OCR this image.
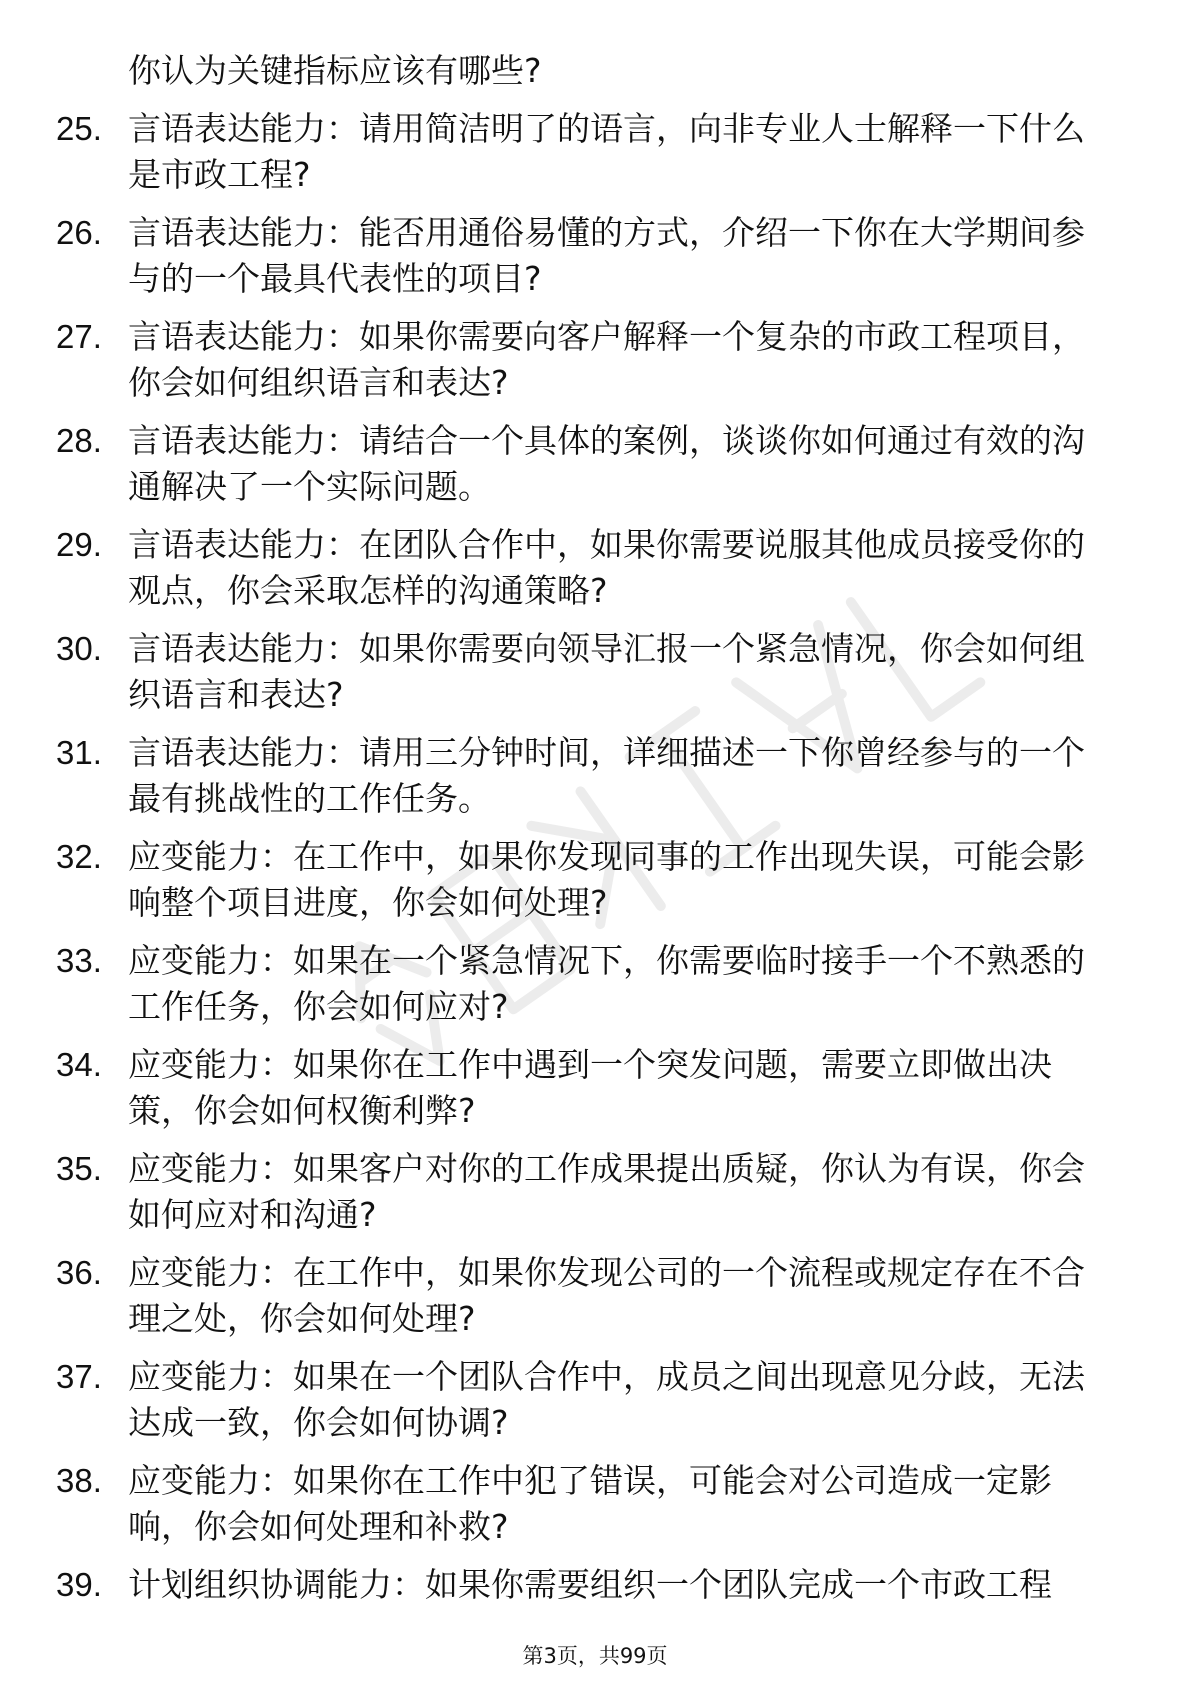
你认为关键指标应该有哪些?
25. 言语表达能力：请用简洁明了的语言，向非专业人士解释一下什么是市政工程?
26. 言语表达能力：能否用通俗易懂的方式，介绍一下你在大学期间参与的一个最具代表性的项目?
27. 言语表达能力：如果你需要向客户解释一个复杂的市政工程项目，你会如何组织语言和表达?
28. 言语表达能力：请结合一个具体的案例，谈谈你如何通过有效的沟通解决了一个实际问题。
29. 言语表达能力：在团队合作中，如果你需要说服其他成员接受你的观点，你会采取怎样的沟通策略?
30. 言语表达能力：如果你需要向领导汇报一个紧急情况，你会如何组织语言和表达?
31. 言语表达能力：请用三分钟时间，详细描述一下你曾经参与的一个最有挑战性的工作任务。
32. 应变能力：在工作中，如果你发现同事的工作出现失误，可能会影响整个项目进度，你会如何处理?
33. 应变能力：如果在一个紧急情况下，你需要临时接手一个不熟悉的工作任务，你会如何应对?
34. 应变能力：如果你在工作中遇到一个突发问题，需要立即做出决策，你会如何权衡利弊?
35. 应变能力：如果客户对你的工作成果提出质疑，你认为有误，你会如何应对和沟通?
36. 应变能力：在工作中，如果你发现公司的一个流程或规定存在不合理之处，你会如何处理?
37. 应变能力：如果在一个团队合作中，成员之间出现意见分歧，无法达成一致，你会如何协调?
38. 应变能力：如果你在工作中犯了错误，可能会对公司造成一定影响，你会如何处理和补救?
39. 计划组织协调能力：如果你需要组织一个团队完成一个市政工程
第3页，共99页
